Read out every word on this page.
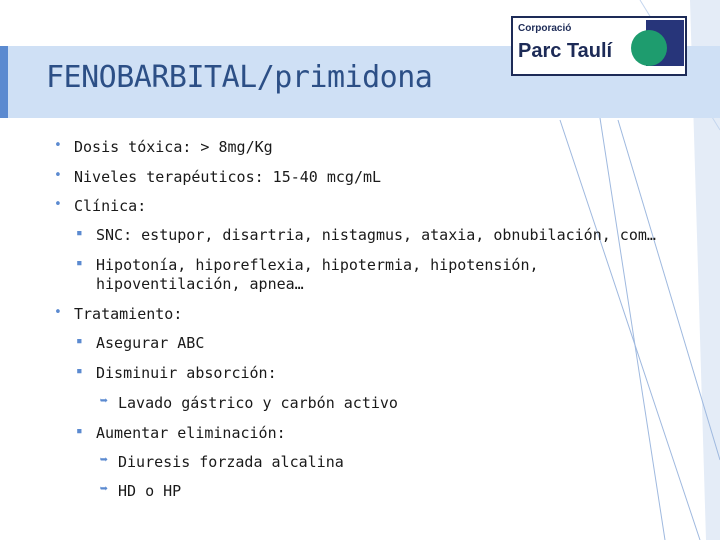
FENOBARBITAL/primidona
Corporació
Parc Taulí
• Dosis tóxica: > 8mg/Kg
• Niveles terapéuticos: 15-40 mcg/mL
• Clínica:
▪ SNC: estupor, disartria, nistagmus, ataxia, obnubilación, com…
▪ Hipotonía, hiporeflexia, hipotermia, hipotensión,
hipoventilación, apnea…
• Tratamiento:
▪ Asegurar ABC
▪ Disminuir absorción:
➥ Lavado gástrico y carbón activo
▪ Aumentar eliminación:
➥ Diuresis forzada alcalina
➥ HD o HP
